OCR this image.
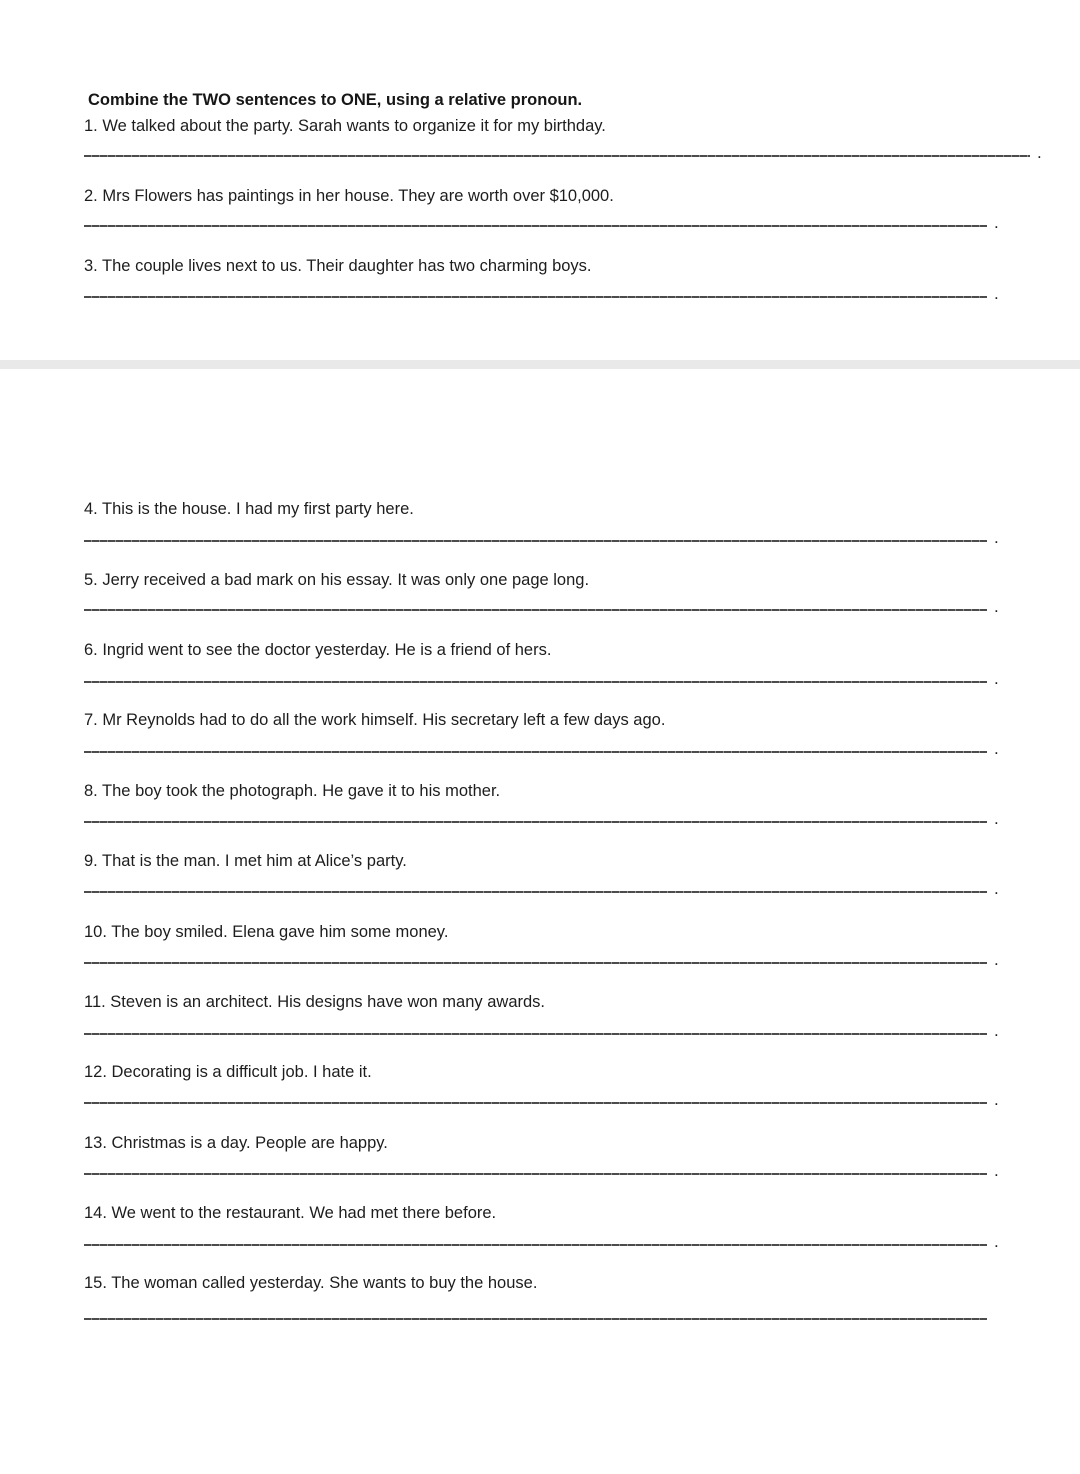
Combine the TWO sentences to ONE, using a relative pronoun.
1. We talked about the party. Sarah wants to organize it for my birthday.
.
2. Mrs Flowers has paintings in her house. They are worth over $10,000.
.
3. The couple lives next to us. Their daughter has two charming boys.
.
4. This is the house. I had my first party here.
.
5. Jerry received a bad mark on his essay. It was only one page long.
.
6. Ingrid went to see the doctor yesterday. He is a friend of hers.
.
7. Mr Reynolds had to do all the work himself. His secretary left a few days ago.
.
8. The boy took the photograph. He gave it to his mother.
.
9. That is the man. I met him at Alice’s party.
.
10. The boy smiled. Elena gave him some money.
.
11. Steven is an architect. His designs have won many awards.
.
12. Decorating is a difficult job. I hate it.
.
13. Christmas is a day. People are happy.
.
14. We went to the restaurant. We had met there before.
.
15. The woman called yesterday. She wants to buy the house.
